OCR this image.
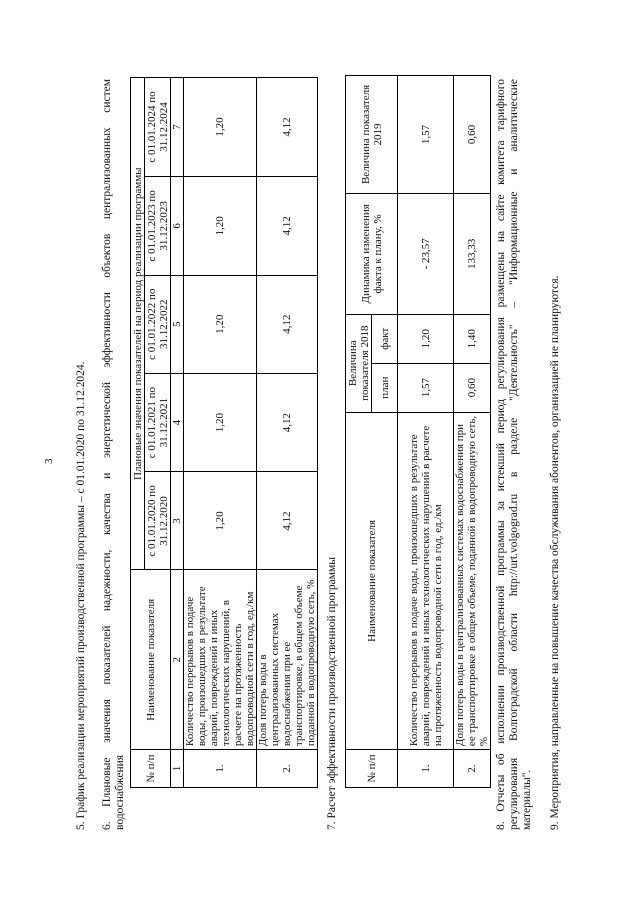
3 5. График реализации мероприятий производственной программы – с 01.01.2020 по 31.12.2024. 6. Плановые значения показателей надежности, качества и энергетической эффективности объектов централизованных систем водоснабжения № п/п	Наименование показателя	Плановые значения показателей на период реализации программы				
		с 01.01.2020 по 31.12.2020	с 01.01.2021 по 31.12.2021	с 01.01.2022 по 31.12.2022	с 01.01.2023 по 31.12.2023	с 01.01.2024 по 31.12.2024
1	2	3	4	5	6	7
1.	Количество перерывов в подаче воды, произошедших в результате аварий, повреждений и иных технологических нарушений, в расчете на протяженность водопроводной сети в год, ед./км	1,20	1,20	1,20	1,20	1,20
2.	Доля потерь воды в централизованных системах водоснабжения при ее транспортировке, в общем объеме поданной в водопроводную сеть, %	4,12	4,12	4,12	4,12	4,12
7. Расчет эффективности производственной программы	№ п/п	Наименование показателя	Величина показателя 2018		Динамика изменения факта к плану, %	Величина показателя 2019
		план	факт		
1.	Количество перерывов в подаче воды, произошедших в результате аварий, повреждений и иных технологических нарушений в расчете на протяженность водопроводной сети в год, ед./км	1,57	1,20	- 23,57	1,57
2.	Доля потерь воды в централизованных системах водоснабжения при ее транспортировке в общем объеме, поданной в водопроводную сеть, %	0,60	1,40	133,33	0,60 8. Отчеты об исполнении производственной программы за истекший период регулирования размещены на сайте комитета тарифного регулирования Волгоградской области http://urt.volgograd.ru в разделе "Деятельность" – "Информационные и аналитические материалы". 9. Мероприятия, направленные на повышение качества обслуживания абонентов, организацией не планируются.
